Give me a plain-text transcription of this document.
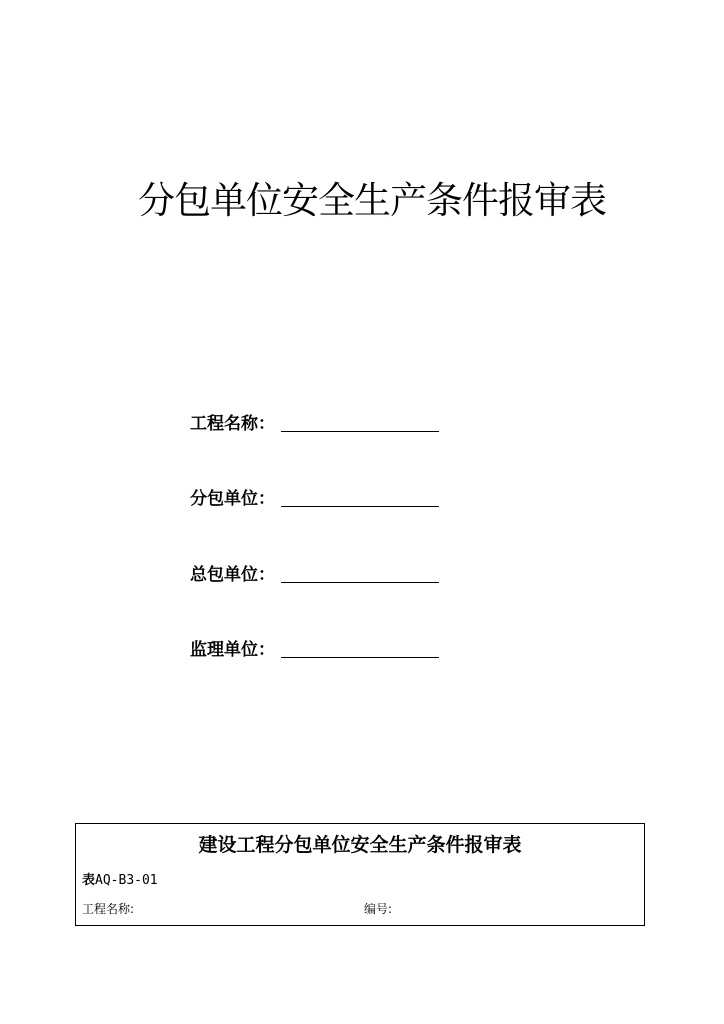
分包单位安全生产条件报审表
工程名称：
分包单位：
总包单位：
监理单位：
建设工程分包单位安全生产条件报审表
表AQ-B3-01
工程名称:	编号:
